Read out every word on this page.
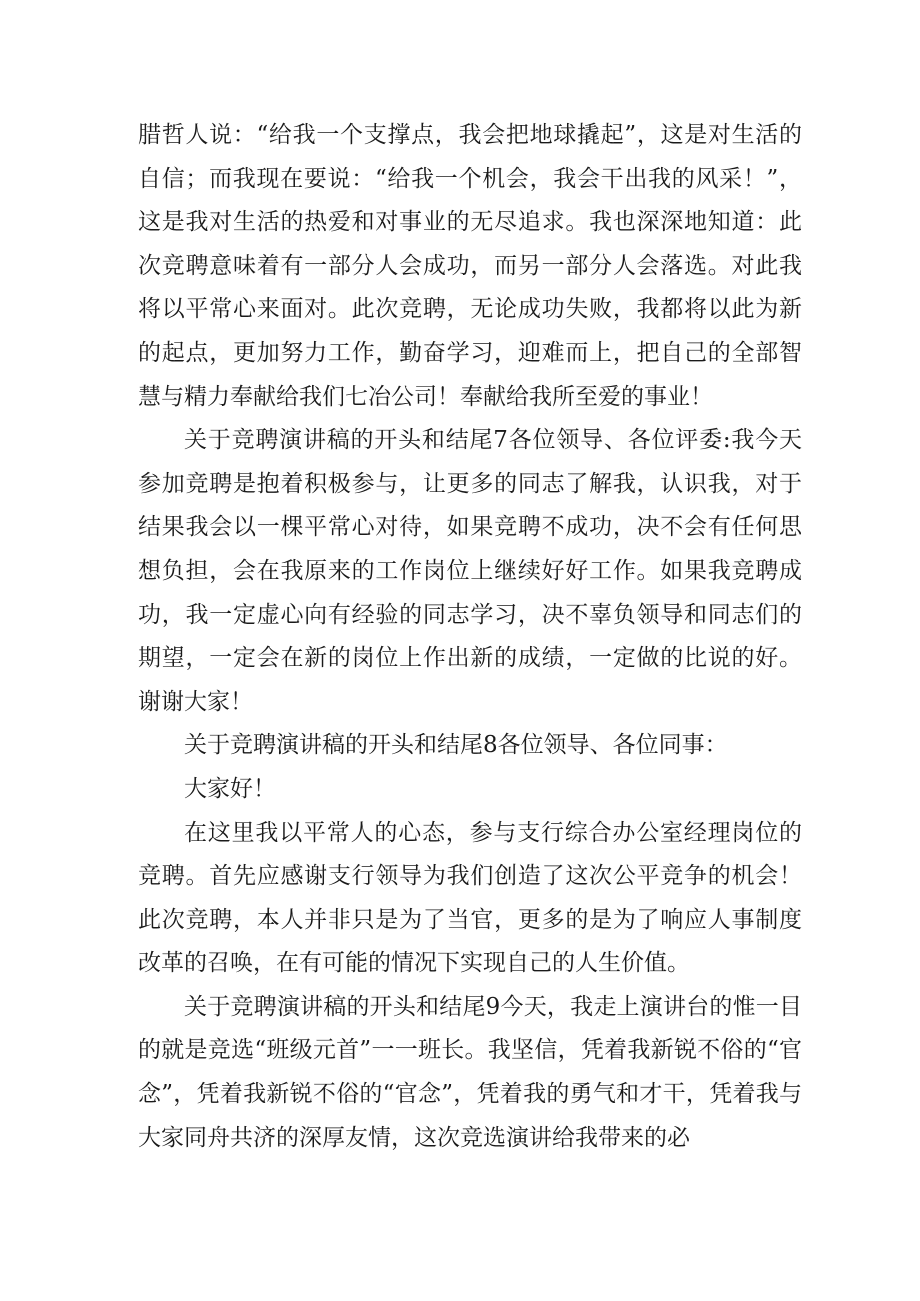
腊哲人说：“给我一个支撑点，我会把地球撬起”，这是对生活的自信；而我现在要说：“给我一个机会，我会干出我的风采！”，这是我对生活的热爱和对事业的无尽追求。我也深深地知道：此次竞聘意味着有一部分人会成功，而另一部分人会落选。对此我将以平常心来面对。此次竞聘，无论成功失败，我都将以此为新的起点，更加努力工作，勤奋学习，迎难而上，把自己的全部智慧与精力奉献给我们七冶公司！奉献给我所至爱的事业！

关于竞聘演讲稿的开头和结尾7各位领导、各位评委:我今天参加竞聘是抱着积极参与，让更多的同志了解我，认识我，对于结果我会以一棵平常心对待，如果竞聘不成功，决不会有任何思想负担，会在我原来的工作岗位上继续好好工作。如果我竞聘成功，我一定虚心向有经验的同志学习，决不辜负领导和同志们的期望，一定会在新的岗位上作出新的成绩，一定做的比说的好。谢谢大家！

关于竞聘演讲稿的开头和结尾8各位领导、各位同事：

大家好！

在这里我以平常人的心态，参与支行综合办公室经理岗位的竞聘。首先应感谢支行领导为我们创造了这次公平竞争的机会！此次竞聘，本人并非只是为了当官，更多的是为了响应人事制度改革的召唤，在有可能的情况下实现自己的人生价值。

关于竞聘演讲稿的开头和结尾9今天，我走上演讲台的惟一目的就是竞选“班级元首”一一班长。我坚信，凭着我新锐不俗的“官念”，凭着我新锐不俗的“官念”，凭着我的勇气和才干，凭着我与大家同舟共济的深厚友情，这次竞选演讲给我带来的必
